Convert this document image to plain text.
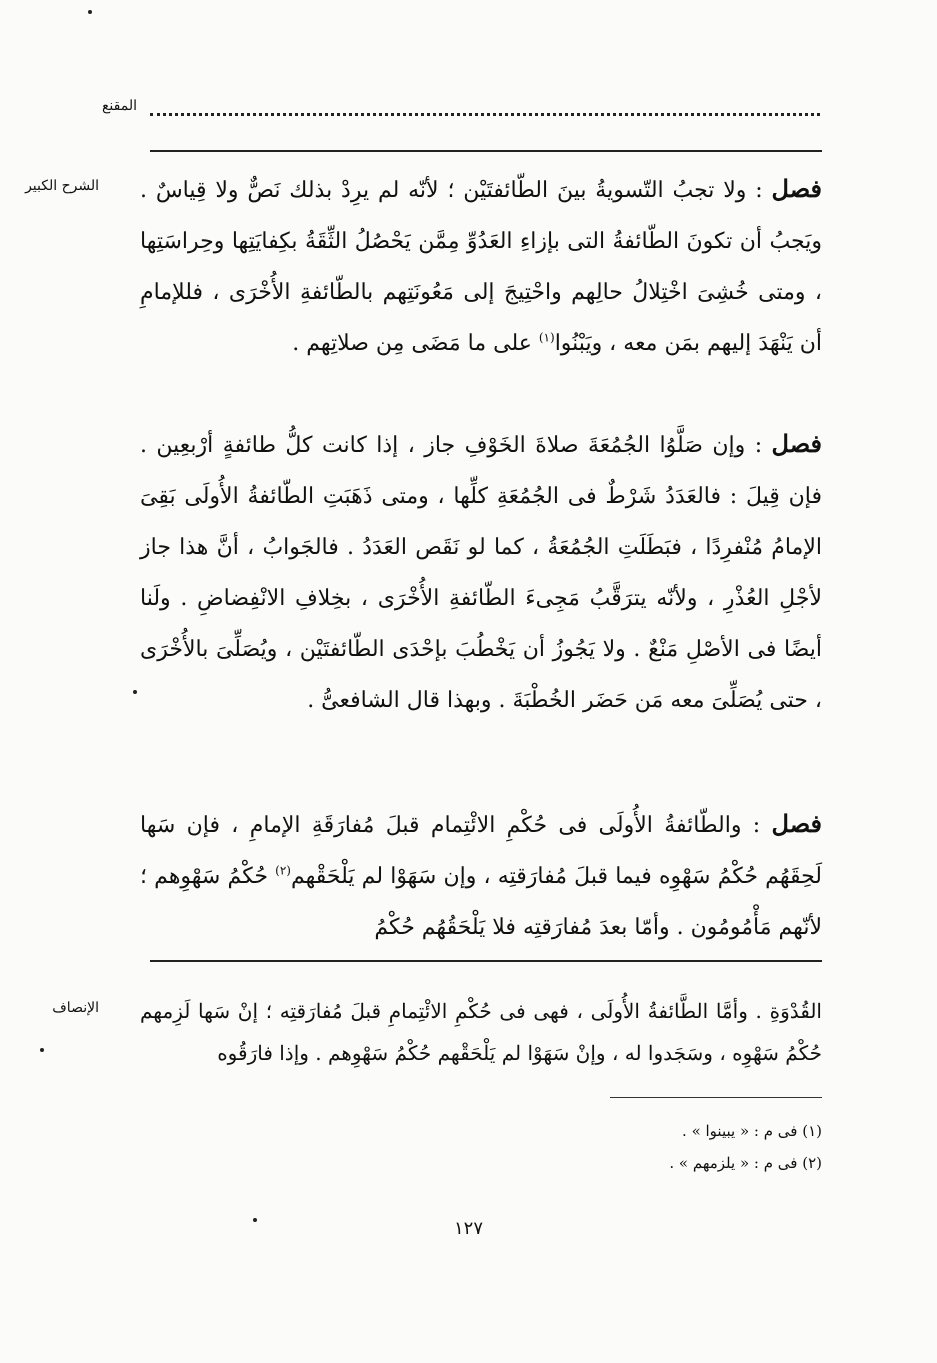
المقنع
الشرح الكبير
الإنصاف
فصل : ولا تجبُ التّسويةُ بينَ الطّائفتَيْن ؛ لأنّه لم يرِدْ بذلك نَصٌّ ولا قِياسٌ . ويَجبُ أن تكونَ الطّائفةُ التى بإزاءِ العَدُوِّ مِمَّن يَحْصُلُ الثِّقَةُ بكِفايَتِها وحِراسَتِها ، ومتى خُشِىَ اخْتِلالُ حالِهم واحْتِيجَ إلى مَعُونَتِهم بالطّائفةِ الأُخْرَى ، فللإمامِ أن يَنْهَدَ إليهم بمَن معه ، ويَبْنُوا$^{(١)}$ على ما مَضَى مِن صلاتِهم .
فصل : وإن صَلَّوُا الجُمُعَةَ صلاةَ الخَوْفِ جاز ، إذا كانت كلُّ طائفةٍ أرْبعِين . فإن قِيلَ : فالعَدَدُ شَرْطٌ فى الجُمُعَةِ كلِّها ، ومتى ذَهَبَتِ الطّائفةُ الأُولَى بَقِىَ الإمامُ مُنْفرِدًا ، فبَطَلَتِ الجُمُعَةُ ، كما لو نَقَص العَدَدُ . فالجَوابُ ، أنَّ هذا جاز لأجْلِ العُذْرِ ، ولأنّه يترَقَّبُ مَجِىءَ الطّائفةِ الأُخْرَى ، بخِلافِ الانْفِضاضِ . ولَنا أيضًا فى الأصْلِ مَنْعٌ . ولا يَجُوزُ أن يَخْطُبَ بإحْدَى الطّائفتَيْن ، ويُصَلِّىَ بالأُخْرَى ، حتى يُصَلِّىَ معه مَن حَضَر الخُطْبَةَ . وبهذا قال الشافعىُّ .
فصل : والطّائفةُ الأُولَى فى حُكْمِ الائْتِمام قبلَ مُفارَقَةِ الإمامِ ، فإن سَها لَحِقَهُم حُكْمُ سَهْوِه فيما قبلَ مُفارَقتِه ، وإن سَهَوْا لم يَلْحَقْهم$^{(٢)}$ حُكْمُ سَهْوِهم ؛ لأنّهم مَأْمُومُون . وأمّا بعدَ مُفارَقتِه فلا يَلْحَقُهُم حُكْمُ
القُدْوَةِ . وأمَّا الطَّائفةُ الأُولَى ، فهى فى حُكْمِ الائْتِمامِ قبلَ مُفارَقتِه ؛ إنْ سَها لَزِمهم حُكْمُ سَهْوِه ، وسَجَدوا له ، وإنْ سَهَوْا لم يَلْحَقْهم حُكْمُ سَهْوِهم . وإذا فارَقُوه
(١) فى م : « يبينوا » .
(٢) فى م : « يلزمهم » .
١٢٧
